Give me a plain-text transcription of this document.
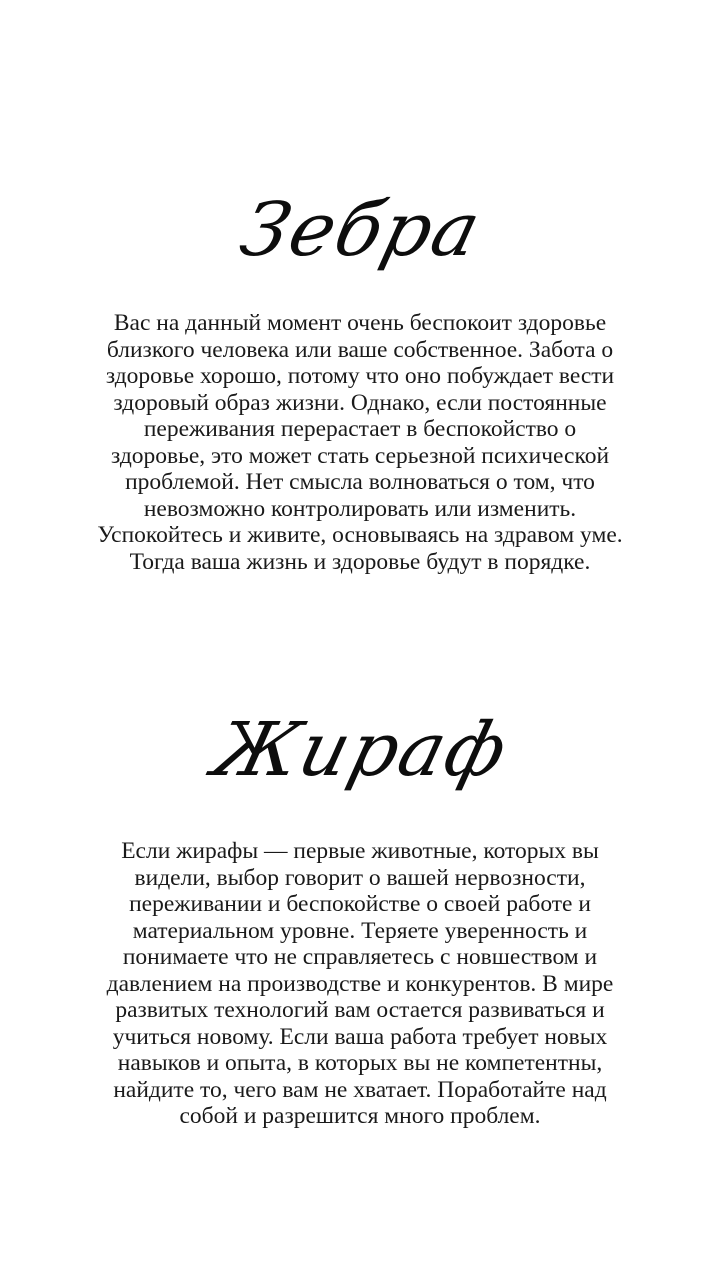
Зебра
Вас на данный момент очень беспокоит здоровье
близкого человека или ваше собственное. Забота о
здоровье хорошо, потому что оно побуждает вести
здоровый образ жизни. Однако, если постоянные
переживания перерастает в беспокойство о
здоровье, это может стать серьезной психической
проблемой. Нет смысла волноваться о том, что
невозможно контролировать или изменить.
Успокойтесь и живите, основываясь на здравом уме.
Тогда ваша жизнь и здоровье будут в порядке.
Жираф
Если жирафы — первые животные, которых вы
видели, выбор говорит о вашей нервозности,
переживании и беспокойстве о своей работе и
материальном уровне. Теряете уверенность и
понимаете что не справляетесь с новшеством и
давлением на производстве и конкурентов. В мире
развитых технологий вам остается развиваться и
учиться новому. Если ваша работа требует новых
навыков и опыта, в которых вы не компетентны,
найдите то, чего вам не хватает. Поработайте над
собой и разрешится много проблем.
